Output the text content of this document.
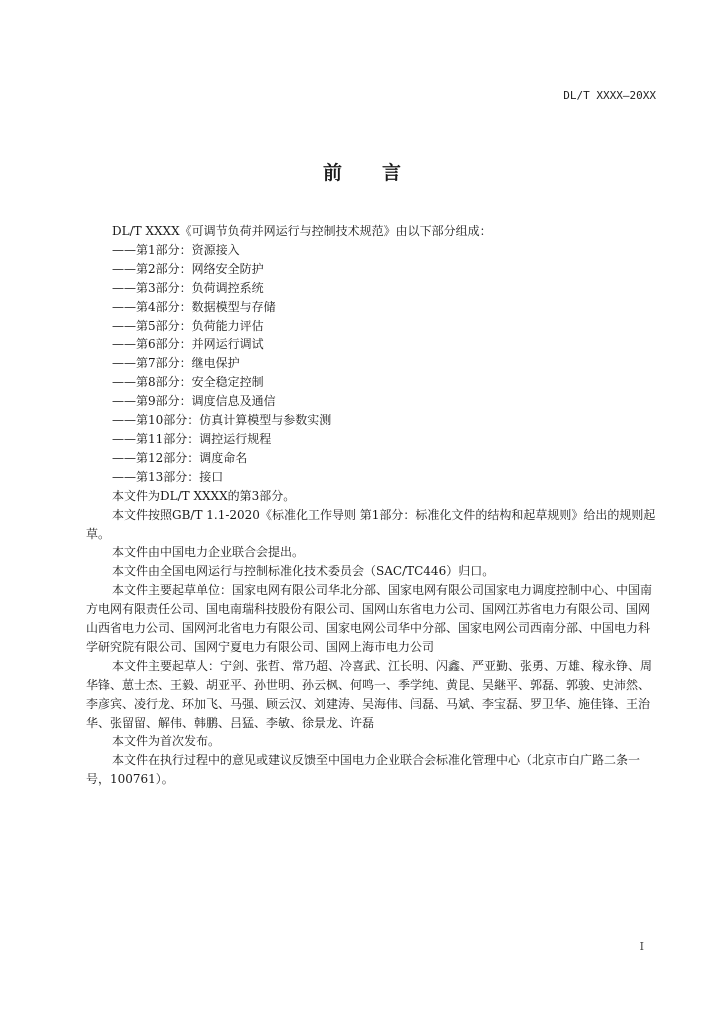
DL/T XXXX—20XX
前言

DL/T XXXX《可调节负荷并网运行与控制技术规范》由以下部分组成：

——第1部分：资源接入

——第2部分：网络安全防护

——第3部分：负荷调控系统

——第4部分：数据模型与存储

——第5部分：负荷能力评估

——第6部分：并网运行调试

——第7部分：继电保护

——第8部分：安全稳定控制

——第9部分：调度信息及通信

——第10部分：仿真计算模型与参数实测

——第11部分：调控运行规程

——第12部分：调度命名

——第13部分：接口

本文件为DL/T XXXX的第3部分。

本文件按照GB/T 1.1-2020《标准化工作导则 第1部分：标准化文件的结构和起草规则》给出的规则起草。

本文件由中国电力企业联合会提出。

本文件由全国电网运行与控制标准化技术委员会（SAC/TC446）归口。

本文件主要起草单位：国家电网有限公司华北分部、国家电网有限公司国家电力调度控制中心、中国南方电网有限责任公司、国电南瑞科技股份有限公司、国网山东省电力公司、国网江苏省电力有限公司、国网山西省电力公司、国网河北省电力有限公司、国家电网公司华中分部、国家电网公司西南分部、中国电力科学研究院有限公司、国网宁夏电力有限公司、国网上海市电力公司

本文件主要起草人：宁剑、张哲、常乃超、冷喜武、江长明、闪鑫、严亚勤、张勇、万雄、稼永铮、周华锋、葸士杰、王毅、胡亚平、孙世明、孙云枫、何鸣一、季学纯、黄昆、吴継平、郭磊、郭骏、史沛然、李彦宾、凌行龙、环加飞、马强、顾云汉、刘建涛、吴海伟、闫磊、马斌、李宝磊、罗卫华、施佳锋、王治华、张留留、解伟、韩鹏、吕猛、李敏、徐景龙、许磊

本文件为首次发布。

本文件在执行过程中的意见或建议反馈至中国电力企业联合会标准化管理中心（北京市白广路二条一号，100761）。

I
